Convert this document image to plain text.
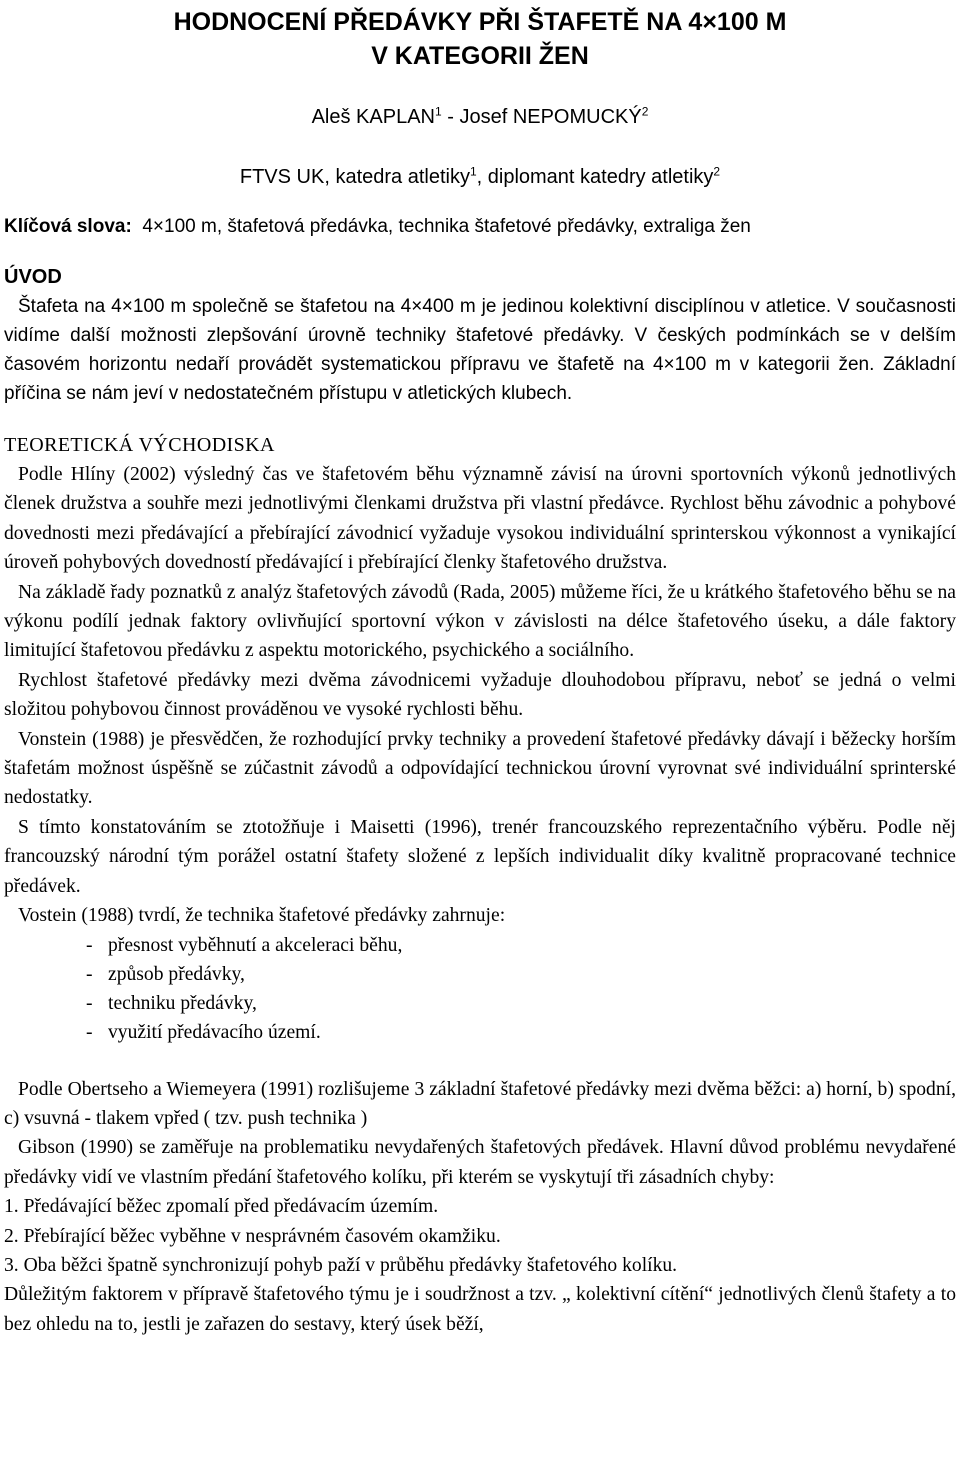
HODNOCENÍ PŘEDÁVKY PŘI ŠTAFETĚ NA 4×100 M
V KATEGORII ŽEN
Aleš KAPLAN$^1$ - Josef NEPOMUCKÝ$^2$
FTVS UK, katedra atletiky$^1$, diplomant katedry atletiky$^2$
Klíčová slova: 4×100 m, štafetová předávka, technika štafetové předávky, extraliga žen
ÚVOD

Štafeta na 4×100 m společně se štafetou na 4×400 m je jedinou kolektivní disciplínou v atletice. V současnosti vidíme další možnosti zlepšování úrovně techniky štafetové předávky. V českých podmínkách se v delším časovém horizontu nedaří provádět systematickou přípravu ve štafetě na 4×100 m v kategorii žen. Základní příčina se nám jeví v nedostatečném přístupu v atletických klubech.

TEORETICKÁ VÝCHODISKA

Podle Hlíny (2002) výsledný čas ve štafetovém běhu významně závisí na úrovni sportovních výkonů jednotlivých členek družstva a souhře mezi jednotlivými členkami družstva při vlastní předávce. Rychlost běhu závodnic a pohybové dovednosti mezi předávající a přebírající závodnicí vyžaduje vysokou individuální sprinterskou výkonnost a vynikající úroveň pohybových dovedností předávající i přebírající členky štafetového družstva.

Na základě řady poznatků z analýz štafetových závodů (Rada, 2005) můžeme říci, že u krátkého štafetového běhu se na výkonu podílí jednak faktory ovlivňující sportovní výkon v závislosti na délce štafetového úseku, a dále faktory limitující štafetovou předávku z aspektu motorického, psychického a sociálního.

Rychlost štafetové předávky mezi dvěma závodnicemi vyžaduje dlouhodobou přípravu, neboť se jedná o velmi složitou pohybovou činnost prováděnou ve vysoké rychlosti běhu.

Vonstein (1988) je přesvědčen, že rozhodující prvky techniky a provedení štafetové předávky dávají i běžecky horším štafetám možnost úspěšně se zúčastnit závodů a odpovídající technickou úrovní vyrovnat své individuální sprinterské nedostatky.

S tímto konstatováním se ztotožňuje i Maisetti (1996), trenér francouzského reprezentačního výběru. Podle něj francouzský národní tým porážel ostatní štafety složené z lepších individualit díky kvalitně propracované technice předávek.

Vostein (1988) tvrdí, že technika štafetové předávky zahrnuje:

- přesnost vyběhnutí a akceleraci běhu,
- způsob předávky,
- techniku předávky,
- využití předávacího území.

Podle Obertseho a Wiemeyera (1991) rozlišujeme 3 základní štafetové předávky mezi dvěma běžci: a) horní, b) spodní, c) vsuvná - tlakem vpřed ( tzv. push technika )

Gibson (1990) se zaměřuje na problematiku nevydařených štafetových předávek. Hlavní důvod problému nevydařené předávky vidí ve vlastním předání štafetového kolíku, při kterém se vyskytují tři zásadních chyby:

1. Předávající běžec zpomalí před předávacím územím.

2. Přebírající běžec vyběhne v nesprávném časovém okamžiku.

3. Oba běžci špatně synchronizují pohyb paží v průběhu předávky štafetového kolíku.

Důležitým faktorem v přípravě štafetového týmu je i soudržnost a tzv. „ kolektivní cítění“ jednotlivých členů štafety a to bez ohledu na to, jestli je zařazen do sestavy, který úsek běží,
